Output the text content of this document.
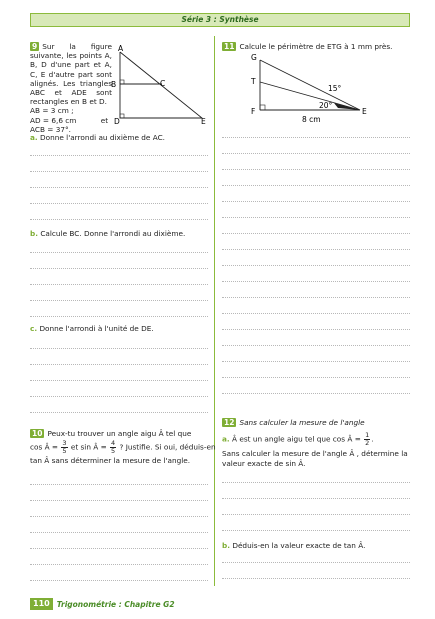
Série 3 : Synthèse
9 Sur la figure suivante, les points A, B, D d'une part et A, C, E d'autre part sont alignés. Les triangles ABC et ADE sont rectangles en B et D.
AB = 3 cm ;
AD = 6,6 cm	et
ACB = 37°.
A
B	C
D	E
a. Donne l'arrondi au dixième de AC.
b. Calcule BC. Donne l'arrondi au dixième.
c. Donne l'arrondi à l'unité de DE.
10 Peux-tu trouver un angle aigu Â tel que
cos Â = $\frac{3}{5}$ et sin Â = $\frac{4}{5}$ ? Justifie. Si oui, déduis-en
tan Â sans déterminer la mesure de l'angle.
11 Calcule le périmètre de ETG à 1 mm près.
G
T
F	E
15°
20°
8 cm
12 Sans calculer la mesure de l'angle
a. Â est un angle aigu tel que cos Â = $\frac{1}{2}$ .
Sans calculer la mesure de l'angle Â , détermine la valeur exacte de sin Â.
b. Déduis-en la valeur exacte de tan Â.
110 Trigonométrie : Chapitre G2
